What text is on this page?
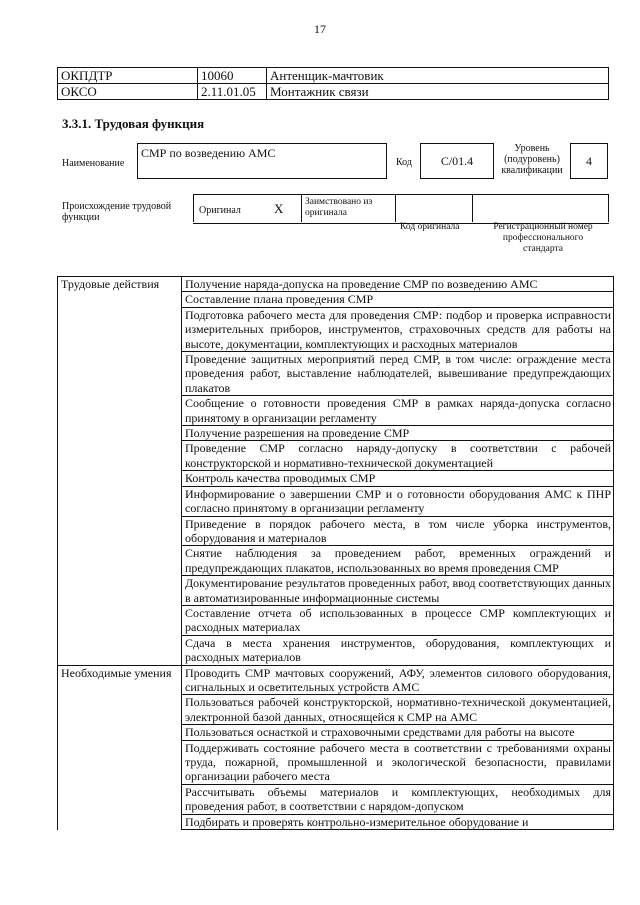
17
ОКПДТР	10060	Антенщик-мачтовик
ОКСО	2.11.01.05	Монтажник связи
3.3.1. Трудовая функция
Наименование
СМР по возведению АМС
Код	C/01.4
Уровень (подуровень) квалификации
4
Происхождение трудовой функции
Оригинал	X Заимствовано из оригинала
Код оригинала	Регистрационный номер профессионального стандарта
Трудовые действия	Получение наряда-допуска на проведение СМР по возведению АМС
	Составление плана проведения СМР
	Подготовка рабочего места для проведения СМР: подбор и проверка исправности измерительных приборов, инструментов, страховочных средств для работы на высоте, документации, комплектующих и расходных материалов
	Проведение защитных мероприятий перед СМР, в том числе: ограждение места проведения работ, выставление наблюдателей, вывешивание предупреждающих плакатов
	Сообщение о готовности проведения СМР в рамках наряда-допуска согласно принятому в организации регламенту
	Получение разрешения на проведение СМР
	Проведение СМР согласно наряду-допуску в соответствии с рабочей конструкторской и нормативно-технической документацией
	Контроль качества проводимых СМР
	Информирование о завершении СМР и о готовности оборудования АМС к ПНР согласно принятому в организации регламенту
	Приведение в порядок рабочего места, в том числе уборка инструментов, оборудования и материалов
	Снятие наблюдения за проведением работ, временных ограждений и предупреждающих плакатов, использованных во время проведения СМР
	Документирование результатов проведенных работ, ввод соответствующих данных в автоматизированные информационные системы
	Составление отчета об использованных в процессе СМР комплектующих и расходных материалах
	Сдача в места хранения инструментов, оборудования, комплектующих и расходных материалов
Необходимые умения	Проводить СМР мачтовых сооружений, АФУ, элементов силового оборудования, сигнальных и осветительных устройств АМС
	Пользоваться рабочей конструкторской, нормативно-технической документацией, электронной базой данных, относящейся к СМР на АМС
	Пользоваться оснасткой и страховочными средствами для работы на высоте
	Поддерживать состояние рабочего места в соответствии с требованиями охраны труда, пожарной, промышленной и экологической безопасности, правилами организации рабочего места
	Рассчитывать объемы материалов и комплектующих, необходимых для проведения работ, в соответствии с нарядом-допуском
	Подбирать и проверять контрольно-измерительное оборудование и
